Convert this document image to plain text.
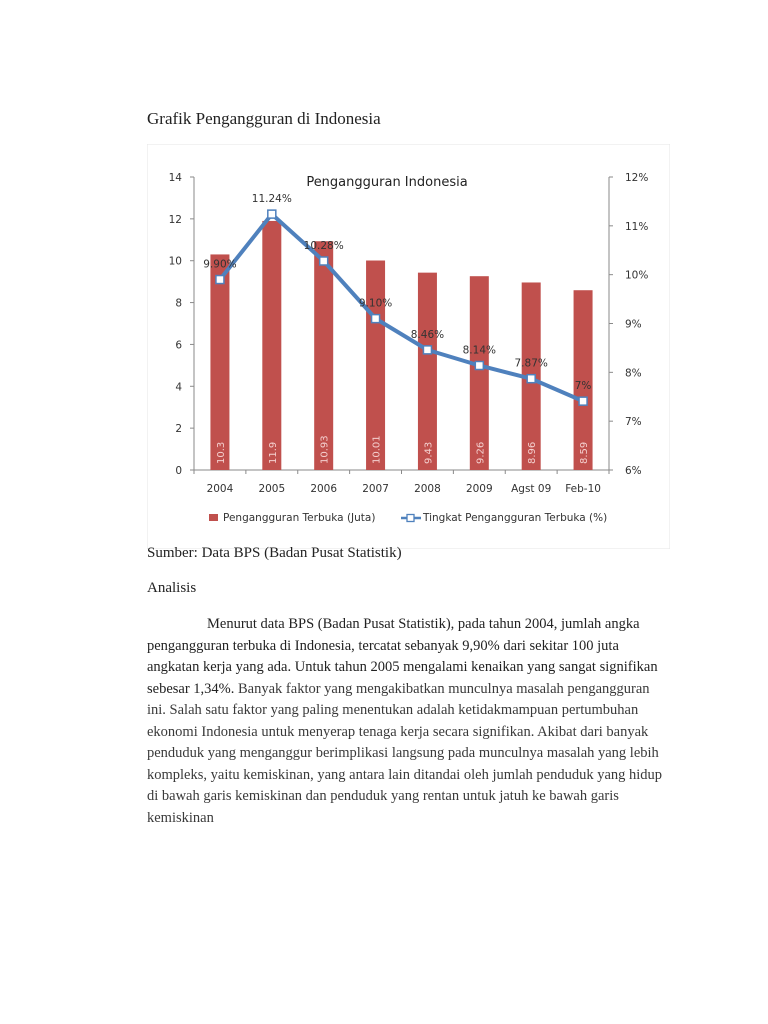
Grafik Pengangguran di Indonesia
Pengangguran Indonesia
0
2
4
6
8
10
12
14
6%
7%
8%
9%
10%
11%
12%
10.3	11.9	10.93	10.01	9.43	9.26	8.96	8.59
2004 2005 2006 2007 2008 2009 Agst 09 Feb-10
9.90%
11.24%
10.28%
9.10%
8.46%
8.14%
7.87%
7%
Pengangguran Terbuka (Juta)	Tingkat Pengangguran Terbuka (%)
Sumber: Data BPS (Badan Pusat Statistik)
Analisis

Menurut data BPS (Badan Pusat Statistik), pada tahun 2004, jumlah angka pengangguran terbuka di Indonesia, tercatat sebanyak 9,90% dari sekitar 100 juta angkatan kerja yang ada. Untuk tahun 2005 mengalami kenaikan yang sangat signifikan sebesar 1,34%. Banyak faktor yang mengakibatkan munculnya masalah pengangguran ini. Salah satu faktor yang paling menentukan adalah ketidakmampuan pertumbuhan ekonomi Indonesia untuk menyerap tenaga kerja secara signifikan. Akibat dari banyak penduduk yang menganggur berimplikasi langsung pada munculnya masalah yang lebih kompleks, yaitu kemiskinan, yang antara lain ditandai oleh jumlah penduduk yang hidup di bawah garis kemiskinan dan penduduk yang rentan untuk jatuh ke bawah garis kemiskinan
